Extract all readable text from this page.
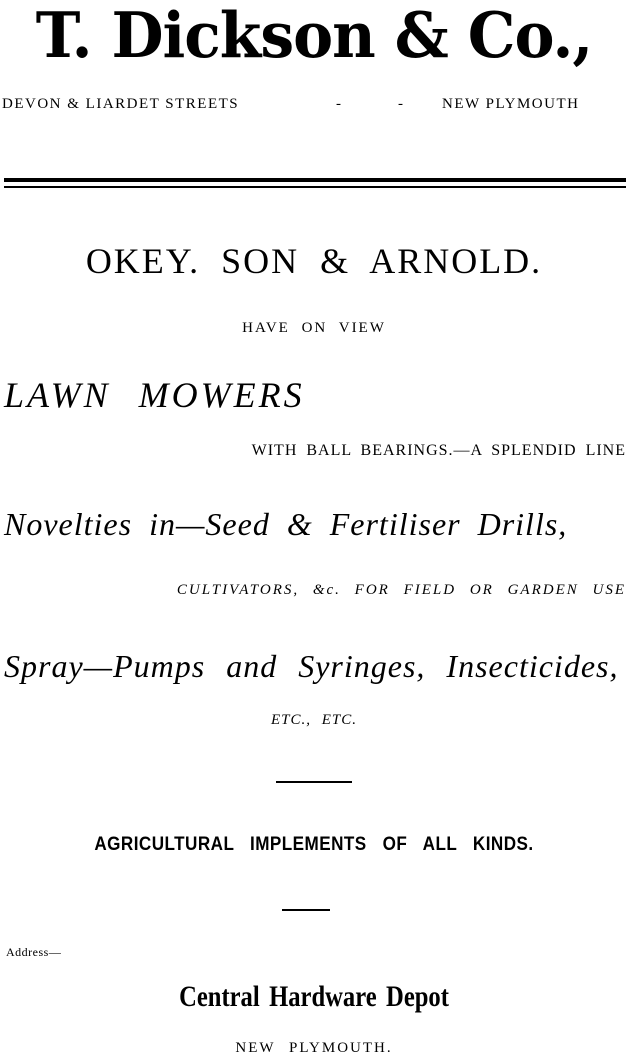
T. Dickson & Co.,
DEVON & LIARDET STREETS	-	-	NEW PLYMOUTH
OKEY. SON & ARNOLD.
HAVE ON VIEW
LAWN MOWERS
WITH BALL BEARINGS.—A SPLENDID LINE
Novelties in—Seed & Fertiliser Drills,
CULTIVATORS, &c. FOR FIELD OR GARDEN USE
Spray—Pumps and Syringes, Insecticides,
ETC., ETC.
AGRICULTURAL IMPLEMENTS OF ALL KINDS.
Address—
Central Hardware Depot
NEW PLYMOUTH.
